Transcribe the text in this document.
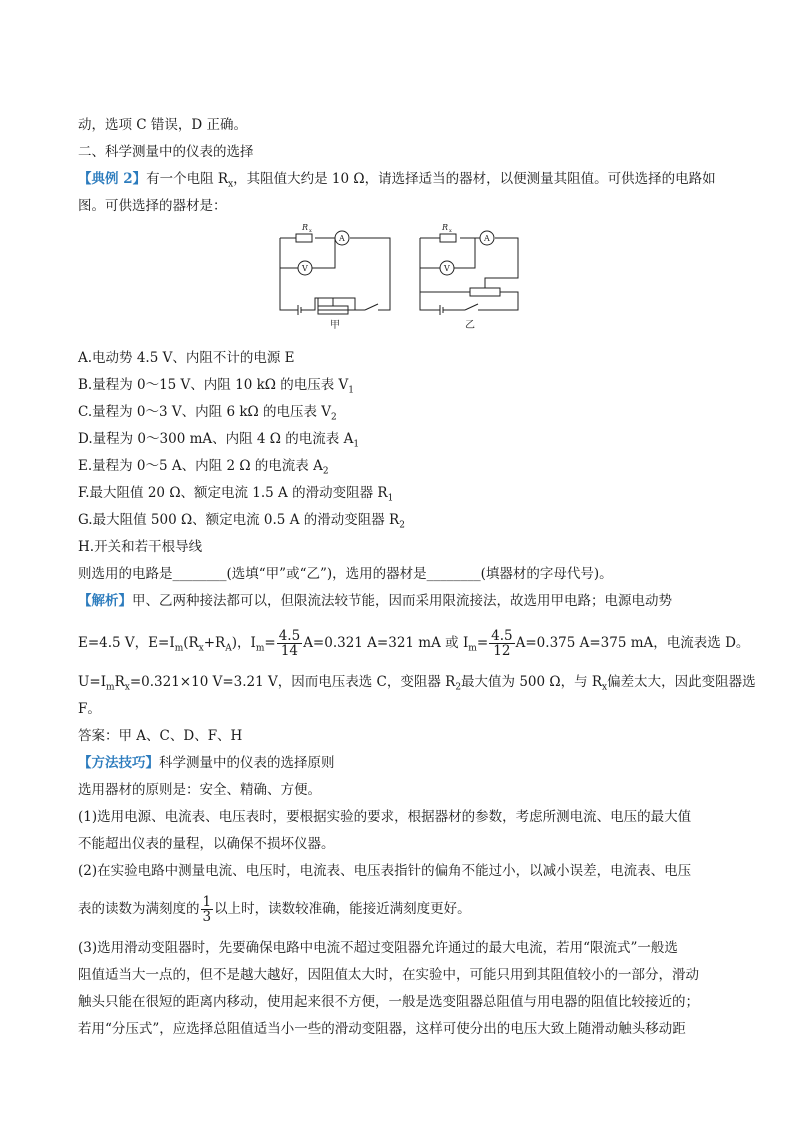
动，选项 C 错误，D 正确。
二、科学测量中的仪表的选择
【典例 2】有一个电阻 $R_x$，其阻值大约是 10 Ω，请选择适当的器材，以便测量其阻值。可供选择的电路如
图。可供选择的器材是：
R x
A
V
R x
A
V
甲	乙
A.电动势 4.5 V、内阻不计的电源 E
B.量程为 0～15 V、内阻 10 kΩ 的电压表 $V_1$
C.量程为 0～3 V、内阻 6 kΩ 的电压表 $V_2$
D.量程为 0～300 mA、内阻 4 Ω 的电流表 $A_1$
E.量程为 0～5 A、内阻 2 Ω 的电流表 $A_2$
F.最大阻值 20 Ω、额定电流 1.5 A 的滑动变阻器 $R_1$
G.最大阻值 500 Ω、额定电流 0.5 A 的滑动变阻器 $R_2$
H.开关和若干根导线
则选用的电路是________(选填“甲”或“乙”)，选用的器材是________(填器材的字母代号)。
【解析】甲、乙两种接法都可以，但限流法较节能，因而采用限流接法，故选用甲电路；电源电动势
E=4.5 V，$E=I_m(R_x+R_A)$，$I_m= \frac{4.5}{14} A=0.321$ A=321 mA 或 $I_m= \frac{4.5}{12} A=0.375$ A=375 mA，电流表选 D。
$U=I_mR_x=0.321\times 10$ V=3.21 V，因而电压表选 C，变阻器 $R_2$最大值为 500 Ω，与 $R_x$偏差太大，因此变阻器选
F。
答案：甲 A、C、D、F、H
【方法技巧】科学测量中的仪表的选择原则
选用器材的原则是：安全、精确、方便。
(1)选用电源、电流表、电压表时，要根据实验的要求，根据器材的参数，考虑所测电流、电压的最大值
不能超出仪表的量程，以确保不损坏仪器。
(2)在实验电路中测量电流、电压时，电流表、电压表指针的偏角不能过小，以减小误差，电流表、电压
表的读数为满刻度的 $\frac{1}{3}$ 以上时，读数较准确，能接近满刻度更好。
(3)选用滑动变阻器时，先要确保电路中电流不超过变阻器允许通过的最大电流，若用“限流式”一般选
阻值适当大一点的，但不是越大越好，因阻值太大时，在实验中，可能只用到其阻值较小的一部分，滑动
触头只能在很短的距离内移动，使用起来很不方便，一般是选变阻器总阻值与用电器的阻值比较接近的；
若用“分压式”，应选择总阻值适当小一些的滑动变阻器，这样可使分出的电压大致上随滑动触头移动距
